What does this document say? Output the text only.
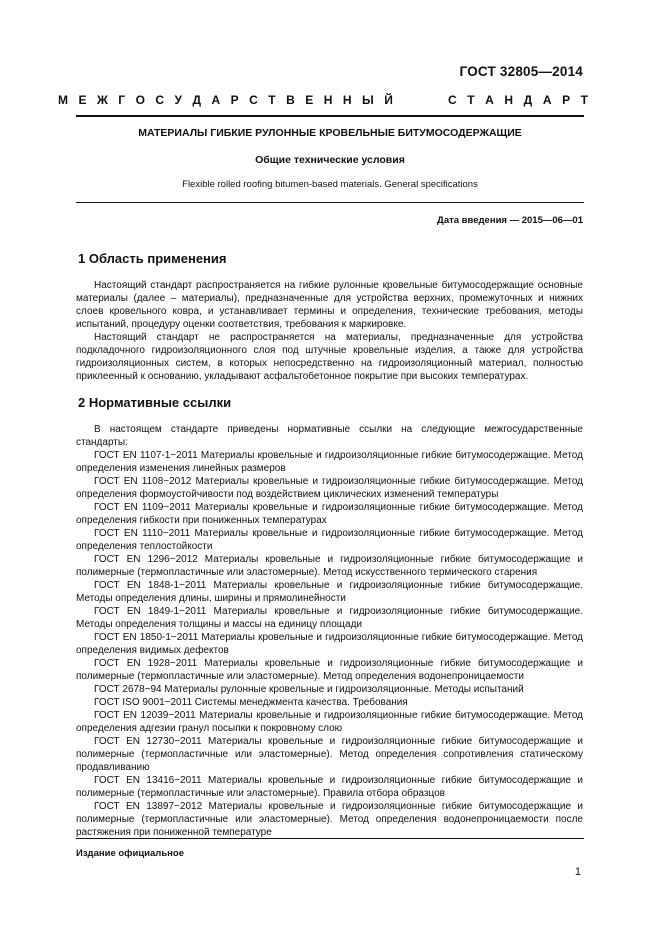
ГОСТ 32805—2014
М Е Ж Г О С У Д А Р С Т В Е Н Н Ы Й	С Т А Н Д А Р Т
МАТЕРИАЛЫ ГИБКИЕ РУЛОННЫЕ КРОВЕЛЬНЫЕ БИТУМОСОДЕРЖАЩИЕ
Общие технические условия
Flexible rolled roofing bitumen-based materials. General specifications
Дата введения — 2015—06—01
1 Область применения

Настоящий стандарт распространяется на гибкие рулонные кровельные битумосодержащие основные материалы (далее – материалы), предназначенные для устройства верхних, промежуточных и нижних слоев кровельного ковра, и устанавливает термины и определения, технические требования, методы испытаний, процедуру оценки соответствия, требования к маркировке.

Настоящий стандарт не распространяется на материалы, предназначенные для устройства подкладочного гидроизоляционного слоя под штучные кровельные изделия, а также для устройства гидроизоляционных систем, в которых непосредственно на гидроизоляционный материал, полностью приклеенный к основанию, укладывают асфальтобетонное покрытие при высоких температурах.

2 Нормативные ссылки

В настоящем стандарте приведены нормативные ссылки на следующие межгосударственные стандарты:

ГОСТ EN 1107-1−2011 Материалы кровельные и гидроизоляционные гибкие битумосодержащие. Метод определения изменения линейных размеров

ГОСТ EN 1108−2012 Материалы кровельные и гидроизоляционные гибкие битумосодержащие. Метод определения формоустойчивости под воздействием циклических изменений температуры

ГОСТ EN 1109−2011 Материалы кровельные и гидроизоляционные гибкие битумосодержащие. Метод определения гибкости при пониженных температурах

ГОСТ EN 1110−2011 Материалы кровельные и гидроизоляционные гибкие битумосодержащие. Метод определения теплостойкости

ГОСТ EN 1296−2012 Материалы кровельные и гидроизоляционные гибкие битумосодержащие и полимерные (термопластичные или эластомерные). Метод искусственного термического старения

ГОСТ EN 1848-1−2011 Материалы кровельные и гидроизоляционные гибкие битумосодержащие. Методы определения длины, ширины и прямолинейности

ГОСТ EN 1849-1−2011 Материалы кровельные и гидроизоляционные гибкие битумосодержащие. Методы определения толщины и массы на единицу площади

ГОСТ EN 1850-1−2011 Материалы кровельные и гидроизоляционные гибкие битумосодержащие. Метод определения видимых дефектов

ГОСТ EN 1928−2011 Материалы кровельные и гидроизоляционные гибкие битумосодержащие и полимерные (термопластичные или эластомерные). Метод определения водонепроницаемости

ГОСТ 2678−94 Материалы рулонные кровельные и гидроизоляционные. Методы испытаний

ГОСТ ISO 9001−2011 Системы менеджмента качества. Требования

ГОСТ EN 12039−2011 Материалы кровельные и гидроизоляционные гибкие битумосодержащие. Метод определения адгезии гранул посыпки к покровному слою

ГОСТ EN 12730−2011 Материалы кровельные и гидроизоляционные гибкие битумосодержащие и полимерные (термопластичные или эластомерные). Метод определения сопротивления статическому продавливанию

ГОСТ EN 13416−2011 Материалы кровельные и гидроизоляционные гибкие битумосодержащие и полимерные (термопластичные или эластомерные). Правила отбора образцов

ГОСТ EN 13897−2012 Материалы кровельные и гидроизоляционные гибкие битумосодержащие и полимерные (термопластичные или эластомерные). Метод определения водонепроницаемости после растяжения при пониженной температуре

Издание официальное
1
